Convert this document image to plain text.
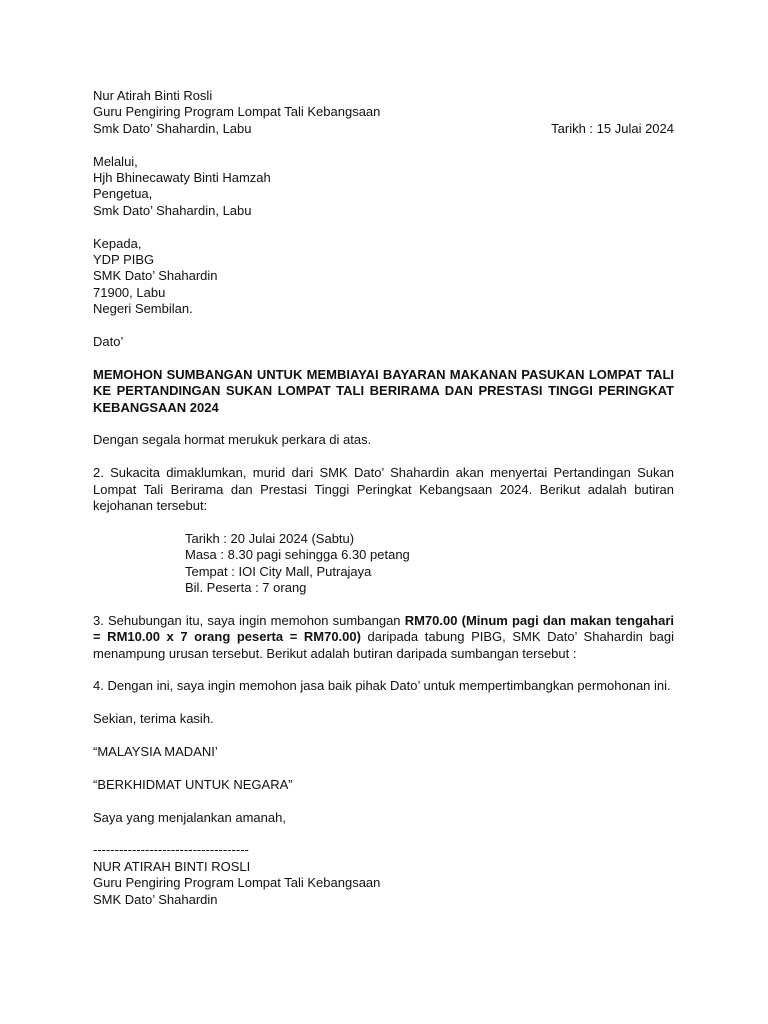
Nur Atirah Binti Rosli
Guru Pengiring Program Lompat Tali Kebangsaan
Smk Dato’ Shahardin, Labu	Tarikh : 15 Julai 2024
Melalui,
Hjh Bhinecawaty Binti Hamzah
Pengetua,
Smk Dato’ Shahardin, Labu
Kepada,
YDP PIBG
SMK Dato’ Shahardin
71900, Labu
Negeri Sembilan.
Dato’

MEMOHON SUMBANGAN UNTUK MEMBIAYAI BAYARAN MAKANAN PASUKAN LOMPAT TALI KE PERTANDINGAN SUKAN LOMPAT TALI BERIRAMA DAN PRESTASI TINGGI PERINGKAT KEBANGSAAN 2024

Dengan segala hormat merukuk perkara di atas.

2. Sukacita dimaklumkan, murid dari SMK Dato’ Shahardin akan menyertai Pertandingan Sukan Lompat Tali Berirama dan Prestasi Tinggi Peringkat Kebangsaan 2024. Berikut adalah butiran kejohanan tersebut:

Tarikh : 20 Julai 2024 (Sabtu)
Masa : 8.30 pagi sehingga 6.30 petang
Tempat : IOI City Mall, Putrajaya
Bil. Peserta : 7 orang

3. Sehubungan itu, saya ingin memohon sumbangan RM70.00 (Minum pagi dan makan tengahari = RM10.00 x 7 orang peserta = RM70.00) daripada tabung PIBG, SMK Dato’ Shahardin bagi menampung urusan tersebut. Berikut adalah butiran daripada sumbangan tersebut :

4. Dengan ini, saya ingin memohon jasa baik pihak Dato’ untuk mempertimbangkan permohonan ini.

Sekian, terima kasih.

“MALAYSIA MADANI’

“BERKHIDMAT UNTUK NEGARA”

Saya yang menjalankan amanah,

------------------------------------
NUR ATIRAH BINTI ROSLI
Guru Pengiring Program Lompat Tali Kebangsaan
SMK Dato’ Shahardin
